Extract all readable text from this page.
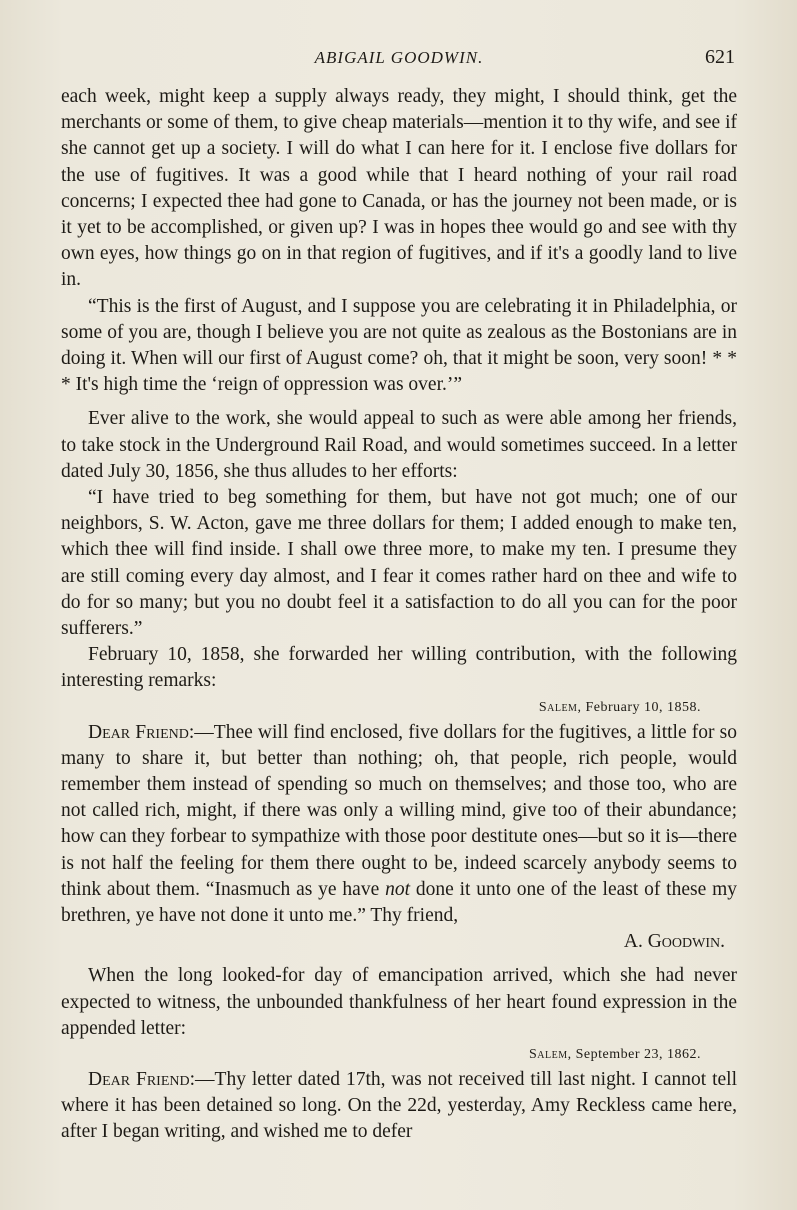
ABIGAIL GOODWIN.	621

each week, might keep a supply always ready, they might, I should think, get the merchants or some of them, to give cheap materials—mention it to thy wife, and see if she cannot get up a society. I will do what I can here for it. I enclose five dollars for the use of fugitives. It was a good while that I heard nothing of your rail road concerns; I expected thee had gone to Canada, or has the journey not been made, or is it yet to be accomplished, or given up? I was in hopes thee would go and see with thy own eyes, how things go on in that region of fugitives, and if it's a goodly land to live in.

“This is the first of August, and I suppose you are celebrating it in Philadelphia, or some of you are, though I believe you are not quite as zealous as the Bostonians are in doing it. When will our first of August come? oh, that it might be soon, very soon! * * * It's high time the ‘reign of oppression was over.’”

Ever alive to the work, she would appeal to such as were able among her friends, to take stock in the Underground Rail Road, and would sometimes succeed. In a letter dated July 30, 1856, she thus alludes to her efforts:

“I have tried to beg something for them, but have not got much; one of our neighbors, S. W. Acton, gave me three dollars for them; I added enough to make ten, which thee will find inside. I shall owe three more, to make my ten. I presume they are still coming every day almost, and I fear it comes rather hard on thee and wife to do for so many; but you no doubt feel it a satisfaction to do all you can for the poor sufferers.”

February 10, 1858, she forwarded her willing contribution, with the following interesting remarks:

Salem, February 10, 1858.

Dear Friend:—Thee will find enclosed, five dollars for the fugitives, a little for so many to share it, but better than nothing; oh, that people, rich people, would remember them instead of spending so much on themselves; and those too, who are not called rich, might, if there was only a willing mind, give too of their abundance; how can they forbear to sympathize with those poor destitute ones—but so it is—there is not half the feeling for them there ought to be, indeed scarcely anybody seems to think about them. “Inasmuch as ye have not done it unto one of the least of these my brethren, ye have not done it unto me.” Thy friend,

A. Goodwin.

When the long looked-for day of emancipation arrived, which she had never expected to witness, the unbounded thankfulness of her heart found expression in the appended letter:

Salem, September 23, 1862.

Dear Friend:—Thy letter dated 17th, was not received till last night. I cannot tell where it has been detained so long. On the 22d, yesterday, Amy Reckless came here, after I began writing, and wished me to defer
